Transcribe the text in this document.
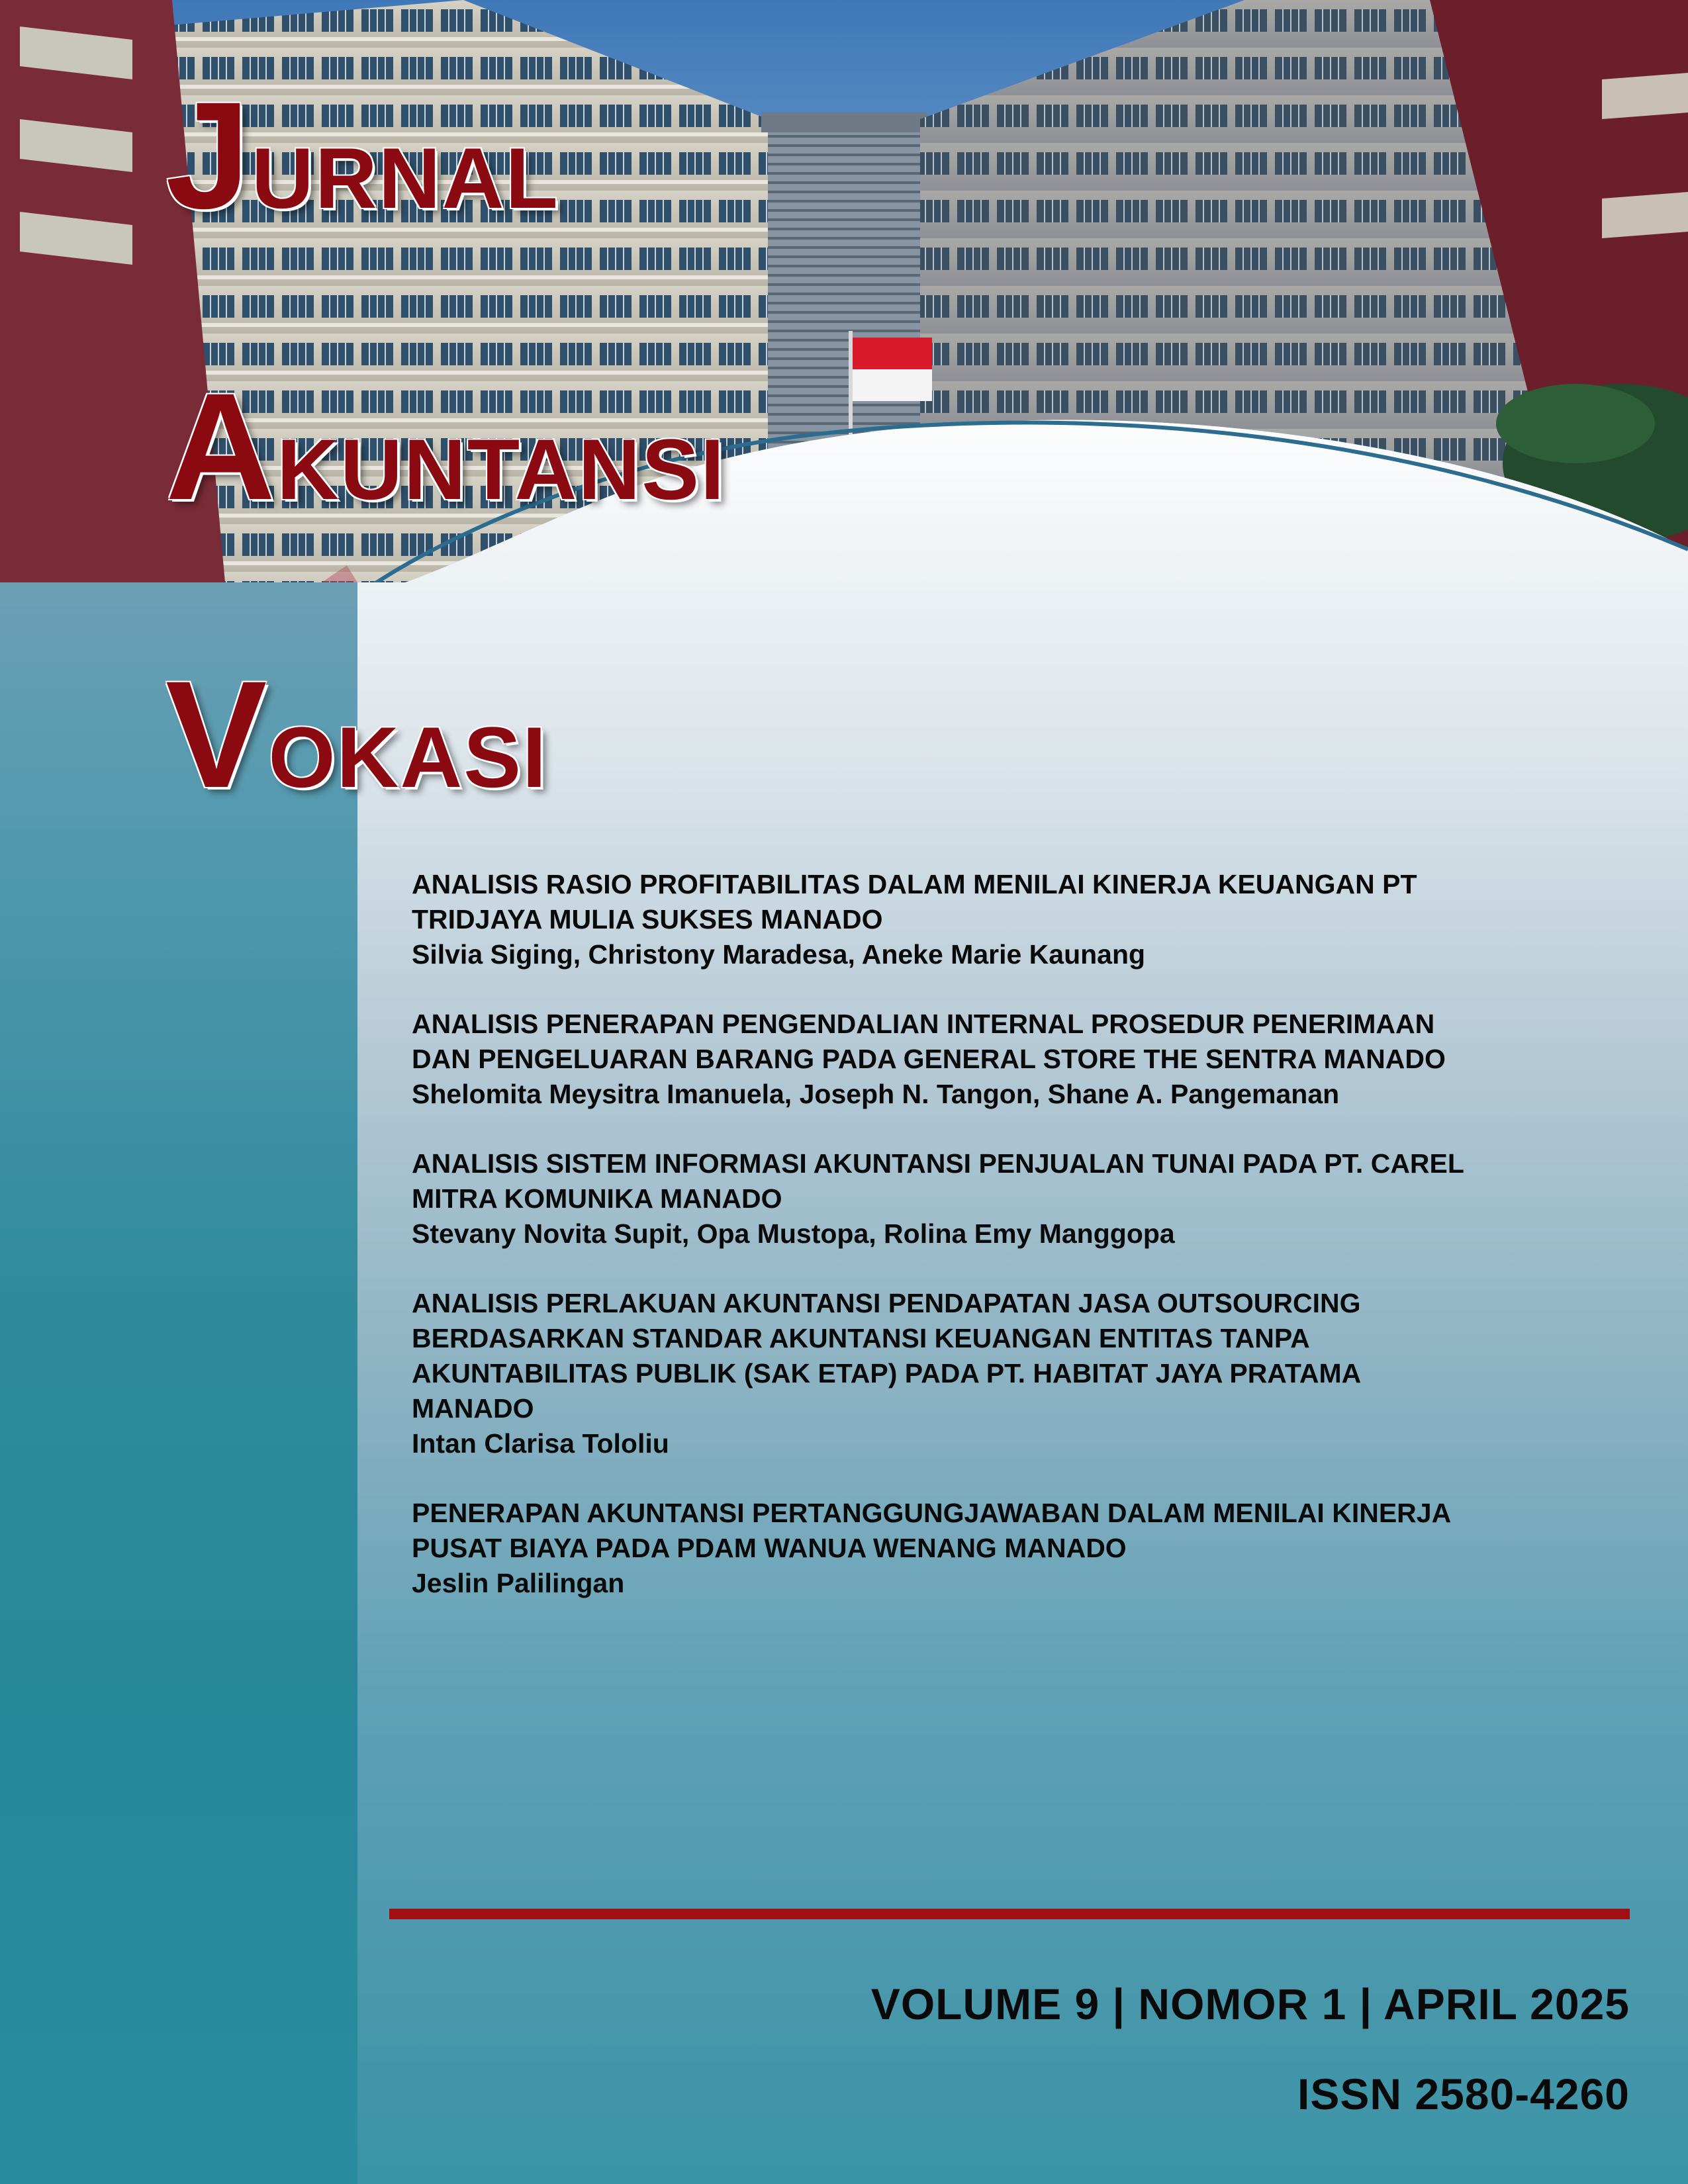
JURNAL
AKUNTANSI
VOKASI
ANALISIS RASIO PROFITABILITAS DALAM MENILAI KINERJA KEUANGAN PT
TRIDJAYA MULIA SUKSES MANADO
Silvia Siging, Christony Maradesa, Aneke Marie Kaunang
ANALISIS PENERAPAN PENGENDALIAN INTERNAL PROSEDUR PENERIMAAN
DAN PENGELUARAN BARANG PADA GENERAL STORE THE SENTRA MANADO
Shelomita Meysitra Imanuela, Joseph N. Tangon, Shane A. Pangemanan
ANALISIS SISTEM INFORMASI AKUNTANSI PENJUALAN TUNAI PADA PT. CAREL
MITRA KOMUNIKA MANADO
Stevany Novita Supit, Opa Mustopa, Rolina Emy Manggopa
ANALISIS PERLAKUAN AKUNTANSI PENDAPATAN JASA OUTSOURCING
BERDASARKAN STANDAR AKUNTANSI KEUANGAN ENTITAS TANPA
AKUNTABILITAS PUBLIK (SAK ETAP) PADA PT. HABITAT JAYA PRATAMA
MANADO
Intan Clarisa Tololiu
PENERAPAN AKUNTANSI PERTANGGUNGJAWABAN DALAM MENILAI KINERJA
PUSAT BIAYA PADA PDAM WANUA WENANG MANADO
Jeslin Palilingan
VOLUME 9 | NOMOR 1 | APRIL 2025
ISSN 2580-4260
